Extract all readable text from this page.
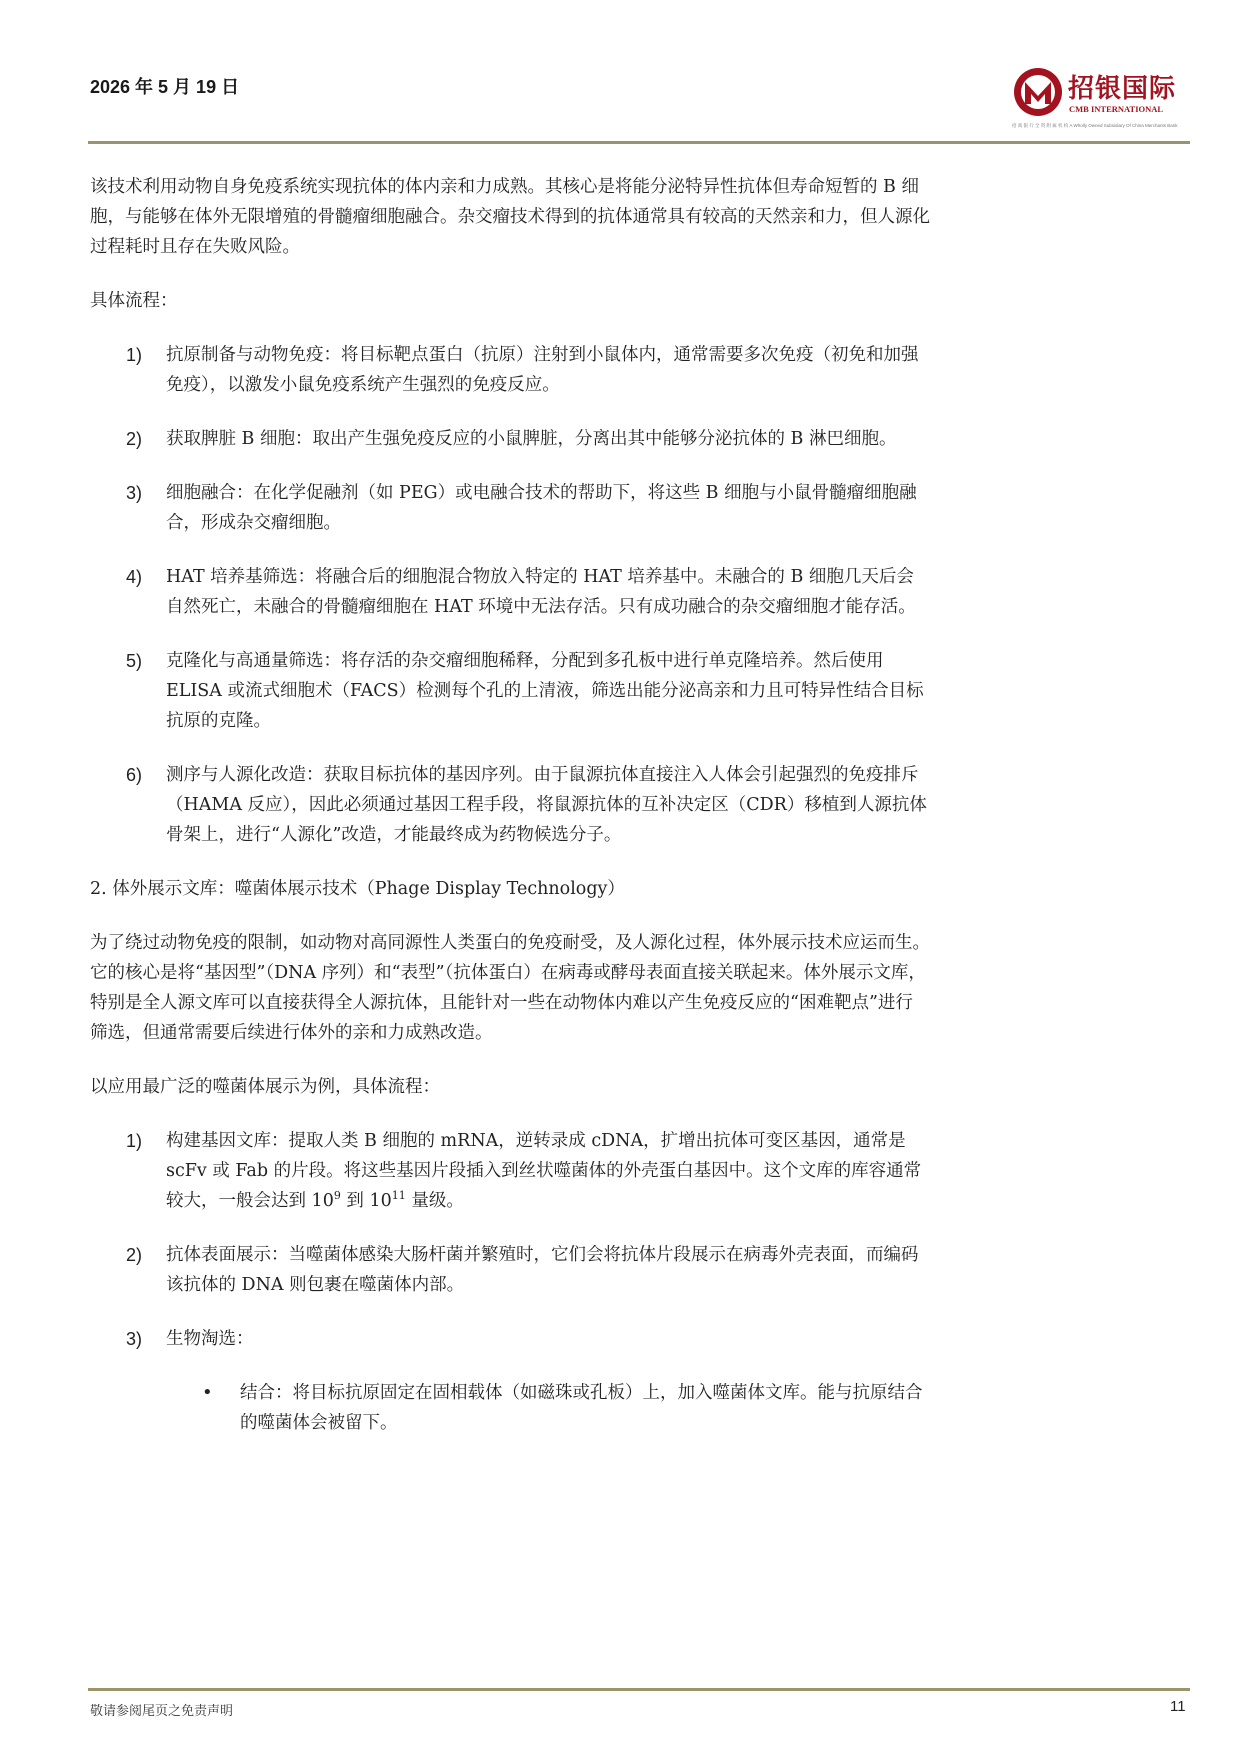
2026 年 5 月 19 日	招银国际
CMB INTERNATIONAL
招 商 银 行 全 资 附 属 机 构 A Wholly Owned Subsidiary Of China Merchants Bank

该技术利用动物自身免疫系统实现抗体的体内亲和力成熟。其核心是将能分泌特异性抗体但寿命短暂的 B 细胞，与能够在体外无限增殖的骨髓瘤细胞融合。杂交瘤技术得到的抗体通常具有较高的天然亲和力，但人源化过程耗时且存在失败风险。

具体流程：

1) 抗原制备与动物免疫：将目标靶点蛋白（抗原）注射到小鼠体内，通常需要多次免疫（初免和加强免疫），以激发小鼠免疫系统产生强烈的免疫反应。
2) 获取脾脏 B 细胞：取出产生强免疫反应的小鼠脾脏，分离出其中能够分泌抗体的 B 淋巴细胞。
3) 细胞融合：在化学促融剂（如 PEG）或电融合技术的帮助下，将这些 B 细胞与小鼠骨髓瘤细胞融合，形成杂交瘤细胞。
4) HAT 培养基筛选：将融合后的细胞混合物放入特定的 HAT 培养基中。未融合的 B 细胞几天后会自然死亡，未融合的骨髓瘤细胞在 HAT 环境中无法存活。只有成功融合的杂交瘤细胞才能存活。
5) 克隆化与高通量筛选：将存活的杂交瘤细胞稀释，分配到多孔板中进行单克隆培养。然后使用 ELISA 或流式细胞术（FACS）检测每个孔的上清液，筛选出能分泌高亲和力且可特异性结合目标抗原的克隆。
6) 测序与人源化改造：获取目标抗体的基因序列。由于鼠源抗体直接注入人体会引起强烈的免疫排斥（HAMA 反应），因此必须通过基因工程手段，将鼠源抗体的互补决定区（CDR）移植到人源抗体骨架上，进行“人源化”改造，才能最终成为药物候选分子。

2. 体外展示文库：噬菌体展示技术（Phage Display Technology）

为了绕过动物免疫的限制，如动物对高同源性人类蛋白的免疫耐受，及人源化过程，体外展示技术应运而生。它的核心是将“基因型”（DNA 序列）和“表型”（抗体蛋白）在病毒或酵母表面直接关联起来。体外展示文库，特别是全人源文库可以直接获得全人源抗体，且能针对一些在动物体内难以产生免疫反应的“困难靶点”进行筛选，但通常需要后续进行体外的亲和力成熟改造。

以应用最广泛的噬菌体展示为例，具体流程：

1) 构建基因文库：提取人类 B 细胞的 mRNA，逆转录成 cDNA，扩增出抗体可变区基因，通常是 scFv 或 Fab 的片段。将这些基因片段插入到丝状噬菌体的外壳蛋白基因中。这个文库的库容通常较大，一般会达到 $10^9$ 到 $10^{11}$ 量级。
2) 抗体表面展示：当噬菌体感染大肠杆菌并繁殖时，它们会将抗体片段展示在病毒外壳表面，而编码该抗体的 DNA 则包裹在噬菌体内部。
3) 生物淘选：
• 结合：将目标抗原固定在固相载体（如磁珠或孔板）上，加入噬菌体文库。能与抗原结合的噬菌体会被留下。
敬请参阅尾页之免责声明	11
